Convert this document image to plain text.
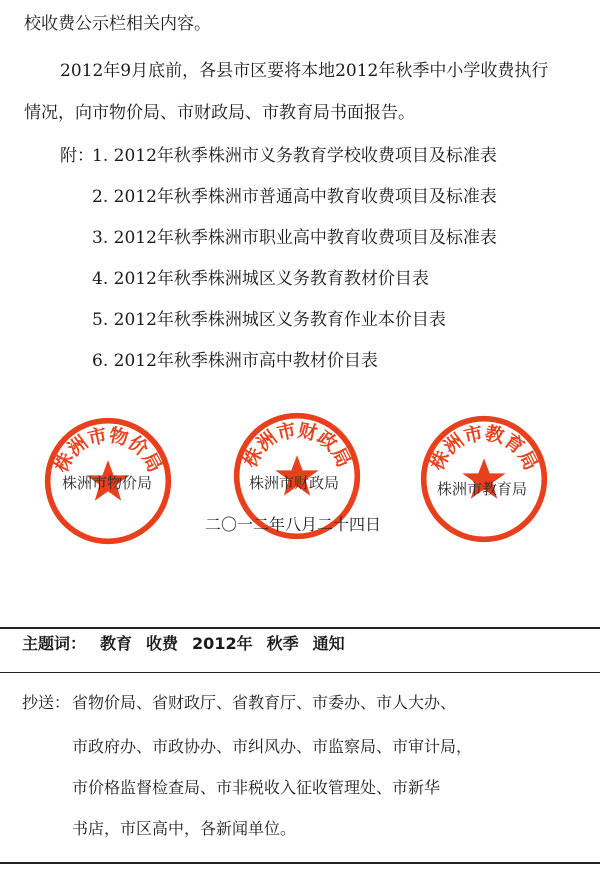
校收费公示栏相关内容。
2012年9月底前，各县市区要将本地2012年秋季中小学收费执行
情况，向市物价局、市财政局、市教育局书面报告。
附：
1. 2012年秋季株洲市义务教育学校收费项目及标准表
2. 2012年秋季株洲市普通高中教育收费项目及标准表
3. 2012年秋季株洲市职业高中教育收费项目及标准表
4. 2012年秋季株洲城区义务教育教材价目表
5. 2012年秋季株洲城区义务教育作业本价目表
6. 2012年秋季株洲市高中教材价目表
株洲市物价局	株洲市财政局	株洲市教育局
株洲市物价局	株洲市财政局	株洲市教育局
二〇一二年八月二十四日
主题词： 教育 收费 2012年 秋季 通知
抄送： 省物价局、省财政厅、省教育厅、市委办、市人大办、
市政府办、市政协办、市纠风办、市监察局、市审计局，
市价格监督检查局、市非税收入征收管理处、市新华
书店，市区高中，各新闻单位。
